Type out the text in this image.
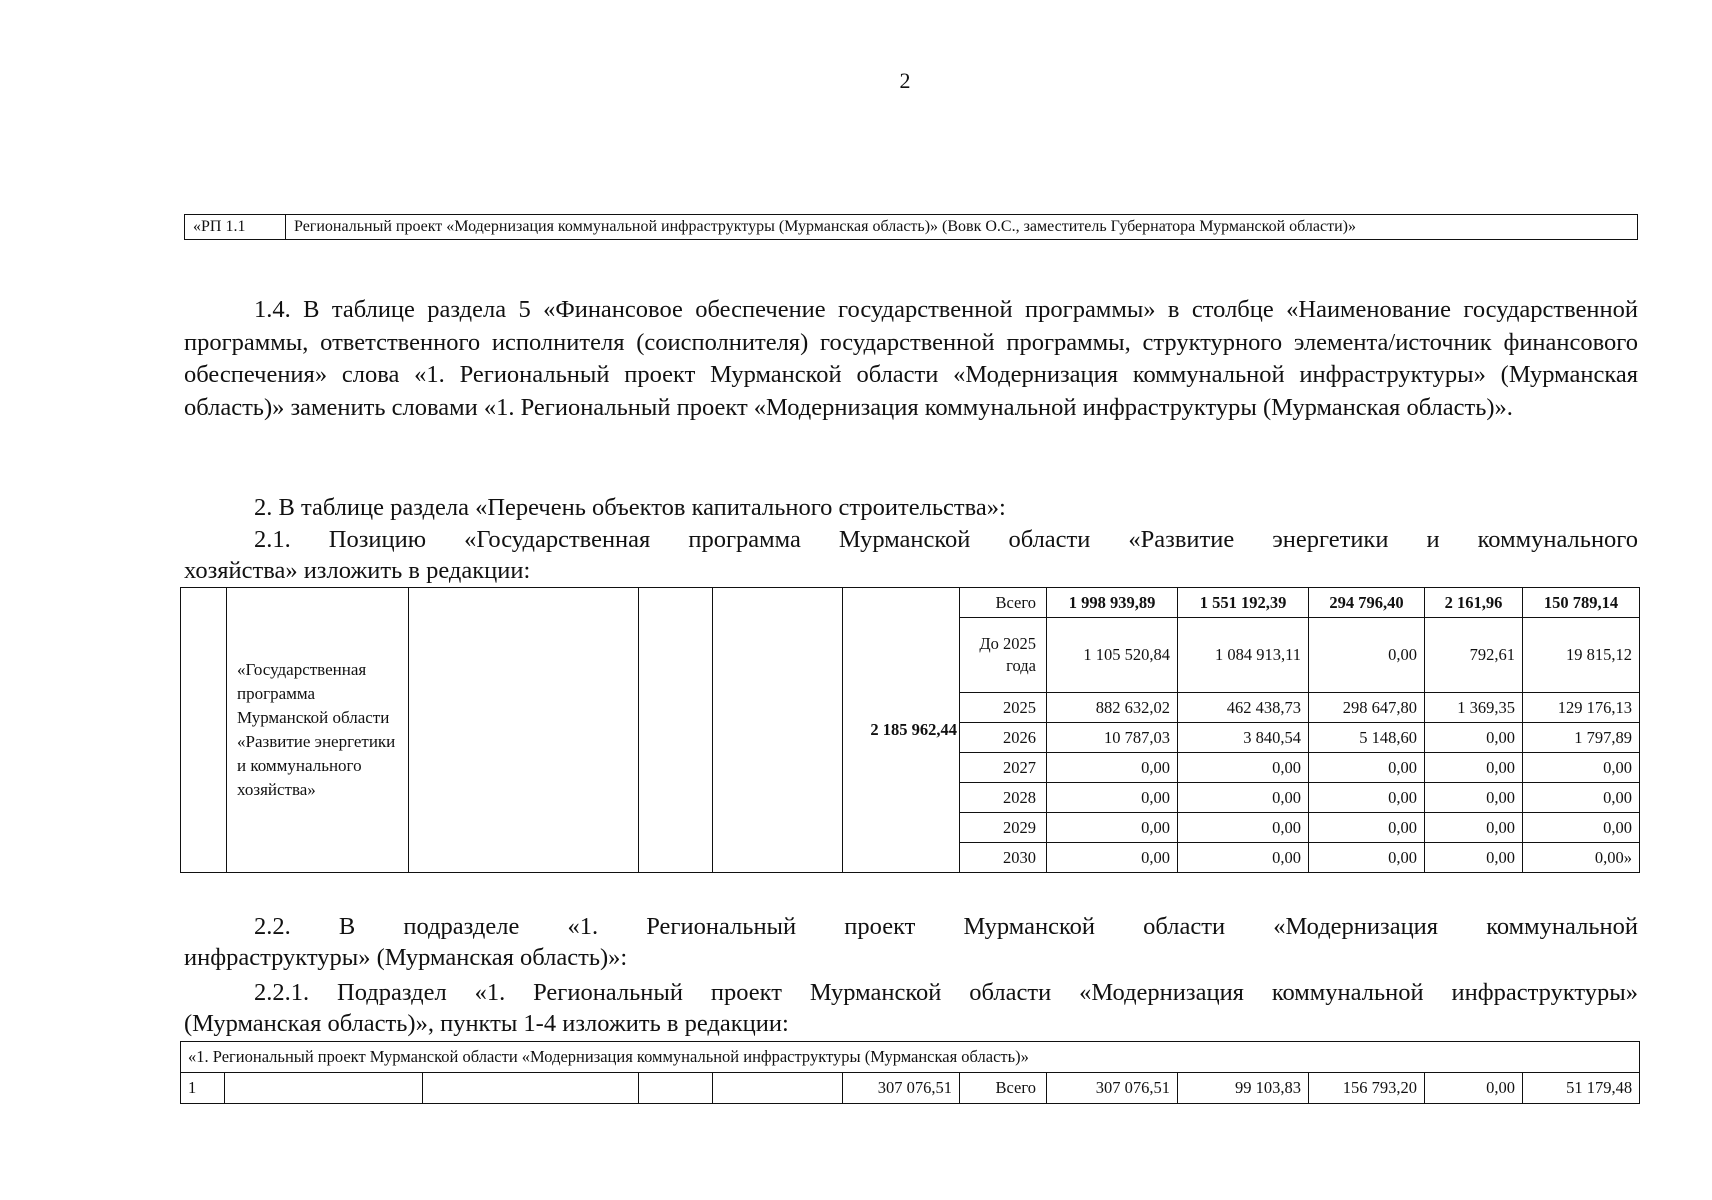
2
«РП 1.1	Региональный проект «Модернизация коммунальной инфраструктуры (Мурманская область)» (Вовк О.С., заместитель Губернатора Мурманской области)»
1.4. В таблице раздела 5 «Финансовое обеспечение государственной программы» в столбце «Наименование государственной программы, ответственного исполнителя (соисполнителя) государственной программы, структурного элемента/источник финансового обеспечения» слова «1. Региональный проект Мурманской области «Модернизация коммунальной инфраструктуры» (Мурманская область)» заменить словами «1. Региональный проект «Модернизация коммунальной инфраструктуры (Мурманская область)».
2. В таблице раздела «Перечень объектов капитального строительства»:
2.1. Позицию «Государственная программа Мурманской области «Развитие энергетики и коммунального
хозяйства» изложить в редакции:
	«Государственная программа Мурманской области «Развитие энергетики и коммунального хозяйства»				2 185 962,44	Всего	1 998 939,89	1 551 192,39	294 796,40	2 161,96	150 789,14
						До 2025 года	1 105 520,84	1 084 913,11	0,00	792,61	19 815,12
						2025	882 632,02	462 438,73	298 647,80	1 369,35	129 176,13
						2026	10 787,03	3 840,54	5 148,60	0,00	1 797,89
						2027	0,00	0,00	0,00	0,00	0,00
						2028	0,00	0,00	0,00	0,00	0,00
						2029	0,00	0,00	0,00	0,00	0,00
						2030	0,00	0,00	0,00	0,00	0,00»
2.2. В подразделе «1. Региональный проект Мурманской области «Модернизация коммунальной
инфраструктуры» (Мурманская область)»:
2.2.1. Подраздел «1. Региональный проект Мурманской области «Модернизация коммунальной инфраструктуры»
(Мурманская область)», пункты 1-4 изложить в редакции:
«1. Региональный проект Мурманской области «Модернизация коммунальной инфраструктуры (Мурманская область)»
1					307 076,51	Всего	307 076,51	99 103,83	156 793,20	0,00	51 179,48
